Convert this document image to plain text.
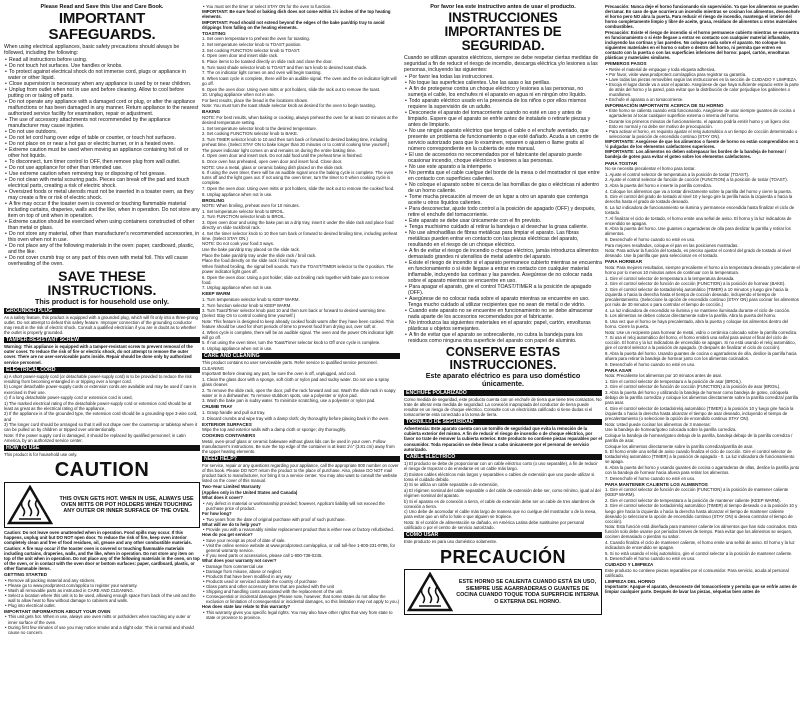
Please Read and Save this Use and Care Book.
IMPORTANT SAFEGUARDS.

When using electrical appliances, basic safety precautions should always be followed, including the following:

• Read all instructions before using.
• Do not touch hot surfaces. Use handles or knobs.
• To protect against electrical shock do not immerse cord, plugs or appliance in water or other liquid.
• Close supervision is necessary when any appliance is used by or near children.
• Unplug from outlet when not in use and before cleaning. Allow to cool before putting on or taking off parts.
• Do not operate any appliance with a damaged cord or plug, or after the appliance malfunctions or has been damaged in any manner. Return appliance to the nearest authorized service facility for examination, repair or adjustment.
• The use of accessory attachments not recommended by the appliance manufacturer may cause injuries.
• Do not use outdoors.
• Do not let cord hang over edge of table or counter, or touch hot surfaces.
• Do not place on or near a hot gas or electric burner, or in a heated oven.
• Extreme caution must be used when moving an appliance containing hot oil or other hot liquids.
• To disconnect, turn timer control to OFF, then remove plug from wall outlet.
• Do not use appliance for other than intended use.
• Use extreme caution when removing tray or disposing of hot grease.
• Do not clean with metal scouring pads. Pieces can break off the pad and touch electrical parts, creating a risk of electric shock.
• Oversized foods or metal utensils must not be inserted in a toaster oven, as they may create a fire or risk of electric shock.
• A fire may occur if the toaster oven is covered or touching flammable material including curtains, draperies, walls and the like, when in operation. Do not store any item on top of unit when in operation.
• Extreme caution should be exercised when using containers constructed of other than metal or glass.
• Do not store any material, other than manufacturer's recommended accessories, in this oven when not in use.
• Do not place any of the following materials in the oven: paper, cardboard, plastic, and the like.
• Do not cover crumb tray or any part of this oven with metal foil. This will cause overheating of the oven.
SAVE THESE INSTRUCTIONS.
This product is for household use only.
GROUNDED PLUG

As a safety feature, this product is equipped with a grounded plug, which will fit only into a three-prong outlet. Do not attempt to defeat this safety feature. Improper connection of the grounding conductor may result in the risk of electric shock. Consult a qualified electrician if you are in doubt as to whether the outlet is properly grounded.

TAMPER-RESISTANT SCREW

Warning: This appliance is equipped with a tamper-resistant screw to prevent removal of the outer cover. To reduce the risk of fire or electric shock, do not attempt to remove the outer cover. There are no user-serviceable parts inside. Repair should be done only by authorized service personnel.

ELECTRICAL CORD

a) A short power-supply cord (or detachable power-supply cord) is to be provided to reduce the risk resulting from becoming entangled in or tripping over a longer cord.

b) Longer detachable power-supply cords or extension cords are available and may be used if care is exercised in their use.

c) If a long detachable power-supply cord or extension cord is used,

1) The marked electrical rating of the detachable power-supply cord or extension cord should be at least as great as the electrical rating of the appliance,

2) If the appliance is of the grounded type, the extension cord should be a grounding-type 3-wire cord, and

3) The longer cord should be arranged so that it will not drape over the countertop or tabletop where it can be pulled on by children or tripped over unintentionally.

Note: If the power supply cord is damaged, it should be replaced by qualified personnel; in Latin America, by an authorized service center.

HOW TO USE

This product is for household use only.

CAUTION
THIS OVEN GETS HOT. WHEN IN USE, ALWAYS USE OVEN MITTS OR POT HOLDERS WHEN TOUCHING ANY OUTER OR INNER SURFACE OF THE OVEN.

Caution: Do not leave oven unattended when in operation. Food spills may occur. If this happens, unplug unit but DO NOT open door. To reduce the risk of fire, keep oven interior completely clean and free of food residues, oil, grease and any other combustible materials.

Caution: A fire may occur if the toaster oven is covered or touching flammable materials including curtains, draperies, walls, and the like, when in operation. Do not store any item on top of the unit when in operation. Do not place any of the following materials in the oven, on top of the oven, or in contact with the oven door or bottom surfaces: paper, cardboard, plastic, or other flammable items.

GETTING STARTED
• Remove all packing material and any stickers.
• Please go to www.prodprotect.com/applica to register your warranty.
• Wash all removable parts as instructed in CARE AND CLEANING.
• Select a location where this unit is to be used, allowing enough space from back of the unit and the wall to allow heat to flow without damage to cabinets and walls.
• Plug into electrical outlet.
IMPORTANT INFORMATION ABOUT YOUR OVEN
• This unit gets hot. When in use, always use oven mitts or potholders when touching any outer or inner surface of the oven.
• During first few minutes of use you may notice smoke and a slight odor. This is normal and should cause no concern.
• You must set the timer or select STAY ON for the oven to function.

IMPORTANT: Be sure food or baking dish does not come within 1½ inches of the top heating elements.

IMPORTANT: Food should not extend beyond the edges of the bake pan/drip tray to avoid drippings from falling on the heating elements.

TOASTING

1. Set oven temperature to preheat the oven for toasting.

2. Set temperature selector knob to TOAST position.

3. Set cooking FUNCTION selector knob to TOAST.

4. Open oven door and insert slide rack.

5. Place items to be toasted directly on slide rack and close the door.

6. Turn toast shade selector knob to TOAST and then turn knob to desired toast shade.

7. The on indicator light comes on and oven will begin toasting.

8. When toast cycle is complete, there will be an audible signal. The oven and the on indicator light will go off.

9. Open the oven door. Using oven mitts or pot holders, slide the rack out to remove the toast.

10. Unplug appliance when not in use.

For best results, place the bread in the locations shown.

Note: You must turn the toast shade selector knob as desired for the oven to begin toasting.

BAKING

NOTE: For best results, when baking or cooking, always preheat the oven for at least 10 minutes at the desired temperature setting.

1. Set temperature selector knob to the desired temperature.

2. Set cooking FUNCTION selector knob to BAKE.

3. Turn TIMER selector knob to 10 and then turn back or forward to desired baking time, including preheat time. (Select STAY ON to bake longer than 30 minutes or to control cooking time yourself.)

The power indicator light comes on and remains on during the entire baking time.

4. Open oven door and insert rack. Do not add food until the preheat time is finished.

5. Once oven has preheated, open oven door and insert food. Close door.

NOTE: Use a metal, glass or ceramic baking dish placed on the slide rack.

6. If using the oven timer, there will be an audible signal once the baking cycle is complete. The oven turns off and the light goes out. If not using the oven timer, turn the timer to 0 when cooking cycle is complete.

7. Open the oven door. Using oven mitts or pot holders, slide the rack out to remove the cooked food.

8. Unplug appliance when not in use.

BROILING

NOTE: When broiling, preheat oven for 10 minutes.

1. Set temperature selector knob to BROIL.

2. Turn FUNCTION selector knob to BROIL.

3. Open oven door and using the bake pan as a drip tray, insert it under the slide rack and place food directly on slide rack/broil rack.

4. Set the timer selector knob to 10 then turn back or forward to desired broiling time, including preheat time. (Select STAY ON.)

NOTE: Do not cook your food 3 ways.

Use the bake pan/drip tray placed on the slide rack.

Place the bake pan/drip tray under the slide rack / broil rack.

Place the food directly on the slide rack / broil tray.

When finished broiling, the signal bell sounds. Turn the TOAST/TIMER selector to the 0 position. The power indicator light goes off.

6. Open the oven door. Using a pot holder, slide out broiling rack together with bake pan to remove food.

7. Unplug appliance when not in use.

KEEP WARM

1. Turn temperature selector knob to KEEP WARM.

2. Turn function selector knob to KEEP WARM.

3. Turn Toast/Timer selector knob past 10 and then turn back or forward to desired warming time. (Select Stay On to control cooking time yourself.)

Note: This feature is designed to keep already cooked foods warm after they have been cooked. This feature should be used for short periods of time to prevent food from drying out, over soft or.

4. When cycle is complete, there will be an audible signal. The oven and the power ON indicator light will go off.

5. If not using the oven timer, turn the Toast/Timer selector knob to Off once cycle is complete.

6. Unplug appliance when not in use.

CARE AND CLEANING

This product contains no user serviceable parts. Refer service to qualified service personnel.

CLEANING

Important! Before cleaning any part, be sure the oven is off, unplugged, and cool.

1. Clean the glass door with a sponge, soft cloth or nylon pad and sudsy water. Do not use a spray glass cleaner.

2. To remove the slide rack, open the door, pull the rack forward and out. Wash the slide rack in soapy water or in a dishwasher. To remove stubborn spots, use a polyester or nylon pad.

3. Wash the bake pan in sudsy water. To minimize scratching, use a polyester or nylon pad.

CRUMB TRAY

1. Grasp handle and pull out tray.

2. Discard crumbs and wipe tray with a damp cloth; dry thoroughly before placing back in the oven.

EXTERIOR SURFACES

Wipe the top and exterior walls with a damp cloth or sponge; dry thoroughly.

COOKING CONTAINERS

Metal, oven-proof glass or ceramic bakeware without glass lids can be used in your oven. Follow manufacturer's instructions. Be sure the top edge of the container is at least 1½" (3.81 cm) away from the upper heating elements.

NEED HELP?

For service, repair or any questions regarding your appliance, call the appropriate 800 number on cover of this book. Please DO NOT return the product to the place of purchase. Also, please DO NOT mail product back to manufacturer, nor bring it to a service center. You may also want to consult the website listed on the cover of this manual.

Two-Year Limited Warranty

(Applies only in the United States and Canada)

What does it cover?

• Any defect in material or workmanship provided; however, Applica's liability will not exceed the purchase price of product.

For how long?

• Two years from the date of original purchase with proof of such purchase.

What will we do to help you?

• Provide you with a reasonably similar replacement product that is either new or factory refurbished.

How do you get service?

• Save your receipt as proof of date of sale.
• Visit the online service website at www.prodprotect.com/applica, or call toll-free 1-800-231-9786, for general warranty service.
• If you need parts or accessories, please call 1-800-738-0245.

What does your warranty not cover?

• Damage from commercial use
• Damage from misuse, abuse or neglect
• Products that have been modified in any way
• Products used or serviced outside the country of purchase
• Glass parts and other accessory items that are packed with the unit
• Shipping and handling costs associated with the replacement of the unit
• Consequential or incidental damages (Please note, however, that some states do not allow the exclusion or limitation of consequential or incidental damages, so this limitation may not apply to you.)

How does state law relate to this warranty?

• This warranty gives you specific legal rights. You may also have other rights that vary from state to state or province to province.
Por favor lea este instructivo antes de usar el producto.
INSTRUCCIONES IMPORTANTES DE SEGURIDAD.

Cuando se utilizan aparatos eléctricos, siempre se debe respetar ciertas medidas de seguridad a fin de reducir el riesgo de incendio, descarga eléctrica y/o lesiones a las personas, incluyendo las siguientes:

• Por favor lea todas las instrucciones.
• No toque las superficies calientes. Use las asas o las perillas.
• A fin de protegerse contra un choque eléctrico y lesiones a las personas, no sumerja el cable, los enchufes ni el aparato en agua ni en ningún otro líquido.
• Todo aparato eléctrico usado en la presencia de los niños o por ellos mismos requiere la supervisión de un adulto.
• Desconecte el aparato del tomacorriente cuando no esté en uso y antes de limpiarlo. Espere que el aparato se enfríe antes de instalarle o retirarle piezas y antes de limpiarlo.
• No use ningún aparato eléctrico que tenga el cable o el enchufe averiado, que presente un problema de funcionamiento o que esté dañado. Acuda a un centro de servicio autorizado para que lo examinen, reparen o ajusten o llame gratis al número correspondiente en la cubierta de este manual.
• El uso de accesorios no recomendados por el fabricante del aparato puede ocasionar incendio, choque eléctrico o lesiones a las personas.
• No use este aparato a la intemperie.
• No permita que el cable cuelgue del borde de la mesa o del mostrador ni que entre en contacto con superficies calientes.
• No coloque el aparato sobre ni cerca de las hornillas de gas o eléctricas ni adentro de un horno caliente.
• Tome mucha precaución al mover de un lugar a otro un aparato que contenga aceite u otros líquidos calientes.
• Para desconectar, ajuste todo control a la posición de apagado (OFF) y después, retire el enchufe del tomacorriente.
• Este aparato se debe usar únicamente con el fin previsto.
• Tenga muchisimo cuidado al retirar la bandeja o al desechar la grasa caliente.
• No use almohadillas de fibras metálicas para limpiar el aparato. Las fibras metálicas pueden entrar en contacto con las piezas eléctricas del aparato, resultando en el riesgo de un choque eléctrico.
• A fin de evitar el riesgo de incendio o choque eléctrico, jamás introduzca alimentos demasiado grandes ni utensilios de metal adentro del aparato.
• Existe el riesgo de incendio si el aparato permanece cubierto mientras se encuentra en funcionamiento o si éste llegase a entrar en contacto con cualquier material inflamable, incluyendo las cortinas y las paredes. Asegúrese de no colocar nada sobre el aparato mientras se encuentre en uso.
• Para apagar el aparato, gire el control TOAST/TIMER a la posición de apagado (OFF).
• Asegúrese de no colocar nada sobre el aparato mientras se encuentre en uso. Tenga mucho cuidado al utilizar recipientes que no sean de metal o de vidrio.
• Cuando este aparato no se encuentre en funcionamiento no se debe almacenar nada aparte de los accesorios recomendados por el fabricante.
• No introduzca las siguientes materiales en el aparato: papel, cartón, envolturas plásticas u objetos semejantes.
• A fin de evitar que el aparato se sobrecaliente, no cubra la bandeja para los residuos como ninguna otra superficie del aparato con papel de aluminio.
CONSERVE ESTAS INSTRUCCIONES.
Este aparato eléctrico es para uso doméstico únicamente.
ENCHUFE POLARIZADO

Como medida de seguridad, este producto cuenta con un enchufe de tierra que tiene tres contactos. No trate de alterar esta medida de seguridad. La conexión inapropiada del conductor de tierra puede resultar en un riesgo de choque eléctrico. Consulte con un electricista calificado si tiene dudas si el tomacorriente esta conectado a la toma de tierra.

TORNILLO DE SEGURIDAD

Advertencia: Este aparato cuenta con un tornillo de seguridad que evita la remoción de la cubierta exterior del mismo. A fin de reducir el riesgo de incendio o de choque eléctrico, por favor no trate de remover la cubierta exterior. Este producto no contiene piezas reparables por el consumidor. Toda reparación se debe llevar a cabo únicamente por el personal de servicio autorizado.

CABLE ELÉCTRICO

1) El producto se debe de proporcionar con un cable eléctrico corto (o uno separable), a fin de reducir el riesgo de tropezar o de enredarse en un cable más largo.

2) Existen cables eléctricos más largos y separables o cables de extensión que uno puede utilizar si toma el cuidado debido.

3) Si se utiliza un cable separable o de extensión,

a) El régimen nominal del cable separable o del cable de extensión debe ser, como mínimo, igual al del régimen nominal del aparato.

b) Si el aparato es de conexión a tierra, el cable de extensión debe ser un cable de tres alambres de conexión a tierra.

c) Uno debe de acomodar el cable más largo de manera que no cuelgue del mostrador o de la mesa, para evitar que un niño lo hale o que alguien se tropiece.

Nota: Si el cordón de alimentación se dañado, en América Latina debe sustituirse por personal calificado o por el centro de servicio autorizado.

CÓMO USAR

Este producto es para uso doméstico solamente.

PRECAUCIÓN
ESTE HORNO SE CALIENTA CUANDO ESTÁ EN USO, SIEMPRE USE AGARRADERAS O GUANTES DE COCINA CUANDO TOQUE TODA SUPERFICIE INTERNA O EXTERNA DEL HORNO.

Precaución: Nunca deje el horno funcionando sin supervisión. Ya que los alimentos se pueden derramar. En caso de que ocurriera un incendio mientras se cocinan los alimentos, desenchufe el horno pero NO abra la puerta. Para reducir el riesgo de incendio, mantenga el interior del horno completamente limpio y libre de aceite, grasa, residuos de alimentos u otros materiales combustibles.

Precaución: Existe el riesgo de incendio si el horno permanece cubierto mientras se encuentra en funcionamiento o si éste llegase a entrar en contacto con cualquier material inflamable, incluyendo las cortinas y las paredes. No coloque nada sobre el aparato. No coloque los siguientes materiales en el horno o sobre o dentro del horno, ni permita que entren en contacto con la puerta o con las superficies inferiores del horno: papel, cartón, envolturas plásticas y materiales similares.

PRIMEROS PASOS
• Retire el material de empaque y toda etiqueta adhesiva.
• Por favor, visite www.prodprotect.com/applica para registrar su garantía.
• Lave todas las piezas removibles según las instrucciones en la sección de CUIDADO Y LIMPIEZA.
• Escoja el lugar donde va a usar el aparato. Asegúrese de que haya suficiente espacio entre la parte de atrás del horno y la pared, para evitar que la distribución de calor perjudique los gabinetes o murallones.
• Enchufe el aparato a un tomacorriente.
INFORMACIÓN IMPORTANTE ACERCA DE SU HORNO
• Este horno se calienta cuando está funcionando. Asegúrese de usar siempre guantes de cocina o agarraderas al tocar cualquier superficie externa o interna del horno.
• Durante los primeros minutos de funcionamiento, el aparato podría emitir humo y un ligero olor. Esto es normal y no debe ser motivo de preocupación.
• Para activar el horno, es requisito ajustar el reloj automático a un tiempo de cocción determinado o seleccionar la posición de encendido continuo (STAY ON).

IMPORTANTE: Asegúrese de que los alimentos o fuente de horno no están comprendidos en 1 ½ pulgadas de los elementos calefactores superiores.

IMPORTANTE: Los alimentos no deben sobrepasar los bordes de la bandeja de hornear / bandeja de goteo para evitar el goteo sobre los elementos calefactores.

PARA TOSTAR

No se necesita precalentar el horno para tostar.

1. Ajuste el control selector de temperatura a la posición de tostar (TOAST).

2. Ajuste el control selector de función de cocción (FUNCTION) a la posición de tostar (TOAST).

3. Abra la puerta del horno e inserte la parrilla corrediza.

4. Coloque los alimentos que va a tostar directamente sobre la parrilla del horno y cierre la puerta.

5. Gire el control del grado de tostado al nivel 10 y luego gire la perilla hacia la izquierda o hacia la derecha hasta el grado de tostado deseado.

6. La luz indicadora de funcionamiento se ilumina y permanece encendida hasta finalizar el ciclo de tostado.

7. Al finalizar el ciclo de tostado, el horno emite una señal de aviso. El horno y la luz indicadora de encendido se apagan.

8. Abra la puerta del horno. Use guantes o agarraderas de olla para deslizar la parrilla y retirar los alimentos.

9. Desenchufe el horno cuando no esté en uso.

Para mejores resultados, coloque el pan en las posiciones mostradas.

Nota: Para activar la función del tostado, es preciso ajustar el control del grado de tostado al nivel deseado. Use la parrilla que para seleccionar en el tostado.

PARA HORNEAR

Nota: Para mejores resultados, siempre precaliente el horno a la temperatura deseada y precaliente el horno por lo menos 10 minutos antes de continuar con la temperatura.

1. Gire el control selector de temperatura a la temperatura deseada.

2. Gire el control selector de función de cocción (FUNCTION) a la posición de hornear (BAKE).

3. Gire el control selector de tostado/reloj automático (TIMER) a 10 minutos y luego gire hacia la izquierda o hacia la derecha hasta el tiempo de cocción deseado, incluyendo el tiempo de precalentamiento. (Seleccione la opción de encendido continuo (STAY ON) para cocinar los alimentos por más de 30 minutos o para controlar el tiempo de cocción.)

4. La luz indicadora de encendido se ilumina y se mantiene iluminada durante el ciclo de cocción.

5. Los alimentos se deben colocar directamente sobre la parrilla. Abra la puerta del horno.

6. Una vez que el horno se haya precalentado, abra la puerta y coloque los alimentos dentro del horno. Cierre la puerta.

Nota: Use un recipiente para hornear de metal, vidrio o cerámica colocado sobre la parrilla corrediza.

7. Si usa el reloj automático del horno, el horno emitirá una señal para avisar el final del ciclo de cocción. El horno y la luz indicadora de encendido se apagan. Si no está usando el reloj automático, gire el control selector a la posición de apagado. (0 después de finalizar el ciclo de cocción).

8. Abra la puerta del horno. Usando guantes de cocina o agarraderas de olla, deslice la parrilla hacia afuera para retirar la bandeja de hornear junto con los alimentos cocinados.

9. Desenchufe el horno cuando no esté en uso.

PARA ASAR

Nota: Precaliente los alimentos por 10 minutos antes de asar.

1. Gire el control selector de temperatura a la posición de asar (BROIL).

2. Gire el control selector de función de cocción (FUNCTION) a la posición de asar (BROIL).

3. Abra la puerta del horno y utilizando la bandeja de hornear como bandeja de goteo, colóquela debajo de la parrilla corrediza y coloque los alimentos directamente sobre la parrilla corrediza/ parrilla para asar.

4. Gire el control selector de tostado/reloj automático (TIMER) a la posición 10 y luego gire hacia la izquierda o hacia la derecha hasta alcanzar el tiempo de asar deseado, incluyendo el tiempo de precalentamiento (o seleccione la opción de encendido continuo STAY ON).

Nota: Usted puede cocinar los alimentos de 3 maneras:

Use la bandeja de hornear/goteo colocada sobre la parrilla corrediza.

Coloque la bandeja de hornear/goteo debajo de la parrilla, bandeja debajo de la parrilla corrediza / parrilla de asar.

Coloque los alimentos directamente sobre la parrilla corrediza/parrilla de asar.

5. El horno emite una señal de aviso cuando finaliza el ciclo de cocción. Gire el control selector de tostado/reloj automático (TIMER) a la posición de apagado - 0. La luz indicadora de funcionamiento se apaga.

6. Abra la puerta del horno y usando guantes de cocina o agarraderas de ollas, deslice la parrilla junto con la bandeja de hornear hacia afuera para retirar los alimentos.

7. Desenchufe el horno cuando no esté en uso.

PARA MANTENER CALIENTE LOS ALIMENTOS

1. Gire el control selector de función de cocción (FUNCTION) a la posición de mantener caliente (KEEP WARM).

2. Gire el control selector de temperatura a la posición de mantener caliente (KEEP WARM).

3. Gire el control selector de tostado/reloj automático (TIMER) al tiempo deseado o a la posición 10 y luego gire hacia la izquierda o hacia la derecha hasta alcanzar el tiempo de mantener caliente deseado (o seleccione la opción de encendido continuo (STAY ON) si desea controlar el tiempo de cocción).

Nota: Esta función está diseñada para mantener caliente los alimentos que han sido cocinados. Esta función solo debe usarse por períodos breves de tiempo. Para evitar que los alimentos se sequen, cocinen demasiado o pierdan su sabor.

4. Cuando finaliza el ciclo de mantener caliente, el horno emite una señal de aviso. El horno y la luz indicadora de encendido se apagan.

5. Si no está usando el reloj automático, gire el control selector a la posición de mantener caliente.

6. Desenchufe el horno cuando no esté en uso.

CUIDADO Y LIMPIEZA

Este producto no contiene piezas reparables por el consumidor. Para servicio, acuda al personal calificado.

LIMPIEZA DEL HORNO

Importante: Apague el aparato, desconecte del tomacorriente y permita que se enfríe antes de limpiar cualquier parte. Después de lavar las piezas, séquelas bien antes de
